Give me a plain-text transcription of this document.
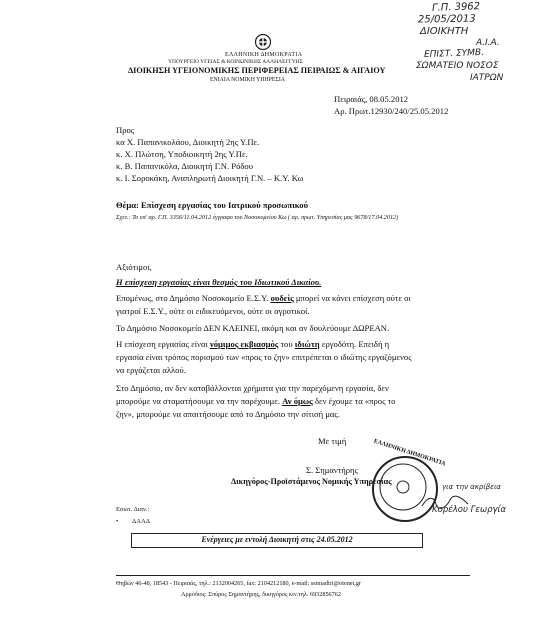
ΕΛΛΗΝΙΚΗ ΔΗΜΟΚΡΑΤΙΑ
ΥΠΟΥΡΓΕΙΟ ΥΓΕΙΑΣ & ΚΟΙΝΩΝΙΚΗΣ ΑΛΛΗΛΕΓΓΥΗΣ
ΔΙΟΙΚΗΣΗ ΥΓΕΙΟΝΟΜΙΚΗΣ ΠΕΡΙΦΕΡΕΙΑΣ ΠΕΙΡΑΙΩΣ & ΑΙΓΑΙΟΥ
ΕΝΙΑΙΑ ΝΟΜΙΚΗ ΥΠΗΡΕΣΙΑ
Γ.Π. 3962
25/05/2013
ΔΙΟΙΚΗΤΗ
Α.Ι.Α.
ΕΠΙΣΤ. ΣΥΜΒ.
ΣΩΜΑΤΕΙΟ ΝΟΣΟΣ
ΙΑΤΡΩΝ
Πειραιάς, 08.05.2012
Αρ. Πρωτ.12930/240/25.05.2012
Προς
κα Χ. Παπανικολάου, Διοικητή 2ης Υ.Πε.
κ. Χ. Πλώτση, Υποδιοικητή 2ης Υ.Πε.
κ. Β. Παπανικόλα, Διοικητή Γ.Ν. Ρόδου
κ. Ι. Σοροκάκη, Αναπληρωτή Διοικητή Γ.Ν. – Κ.Υ. Κω
Θέμα: Επίσχεση εργασίας του Ιατρικού προσωπικού
Σχετ.: Το υπ' αρ. Γ.Π. 3356/11.04.2012 έγγραφο του Νοσοκομείου Κω ( αρ. πρωτ. Υπηρεσίας μας 9678/17.04.2012)
Αξιότιμοι,
Η επίσχεση εργασίας είναι θεσμός του Ιδιωτικού Δικαίου.
Επομένως, στο Δημόσιο Νοσοκομείο Ε.Σ.Υ. ουδείς μπορεί να κάνει επίσχεση ούτε οι
γιατροί Ε.Σ.Υ., ούτε οι ειδικευόμενοι, ούτε οι αγροτικοί.
Το Δημόσιο Νοσοκομείο ΔΕΝ ΚΛΕΙΝΕΙ, ακόμη και αν δουλεύουμε ΔΩΡΕΑΝ.
Η επίσχεση εργασίας είναι νόμιμος εκβιασμός του ιδιώτη εργοδότη. Επειδή η
εργασία είναι τρόπος πορισμού των «προς το ζην» επιτρέπεται ο ιδιώτης εργαζόμενος
να εργάζεται αλλού.
Στο Δημόσιο, αν δεν καταβάλλονται χρήματα για την παρεχόμενη εργασία, δεν
μπορούμε να σταματήσουμε να την παρέχουμε. Αν όμως δεν έχουμε τα «προς το
ζην», μπορούμε να απαιτήσουμε από το Δημόσιο την σίτισή μας.
Με τιμή
Σ. Σημαντήρης
Δικηγόρος-Προϊστάμενος Νομικής Υπηρεσίας
ΕΛΛΗΝΙΚΗ ΔΗΜΟΚΡΑΤΙΑ
για την ακρίβεια
Κορέλου Γεωργία
Εσωτ. Διαν.:
• ΔΑΑΔ
Ενέργειες με εντολή Διοικητή στις 24.05.2012
Θηβών 46-48, 18543 - Πειραιάς, τηλ.: 2132004265, fax: 2104212180, e-mail: ssimadiri@otenet.gr
Αρμόδιος: Σπύρος Σημαντήρης, δικηγόρος κιν.τηλ. 6932856762
